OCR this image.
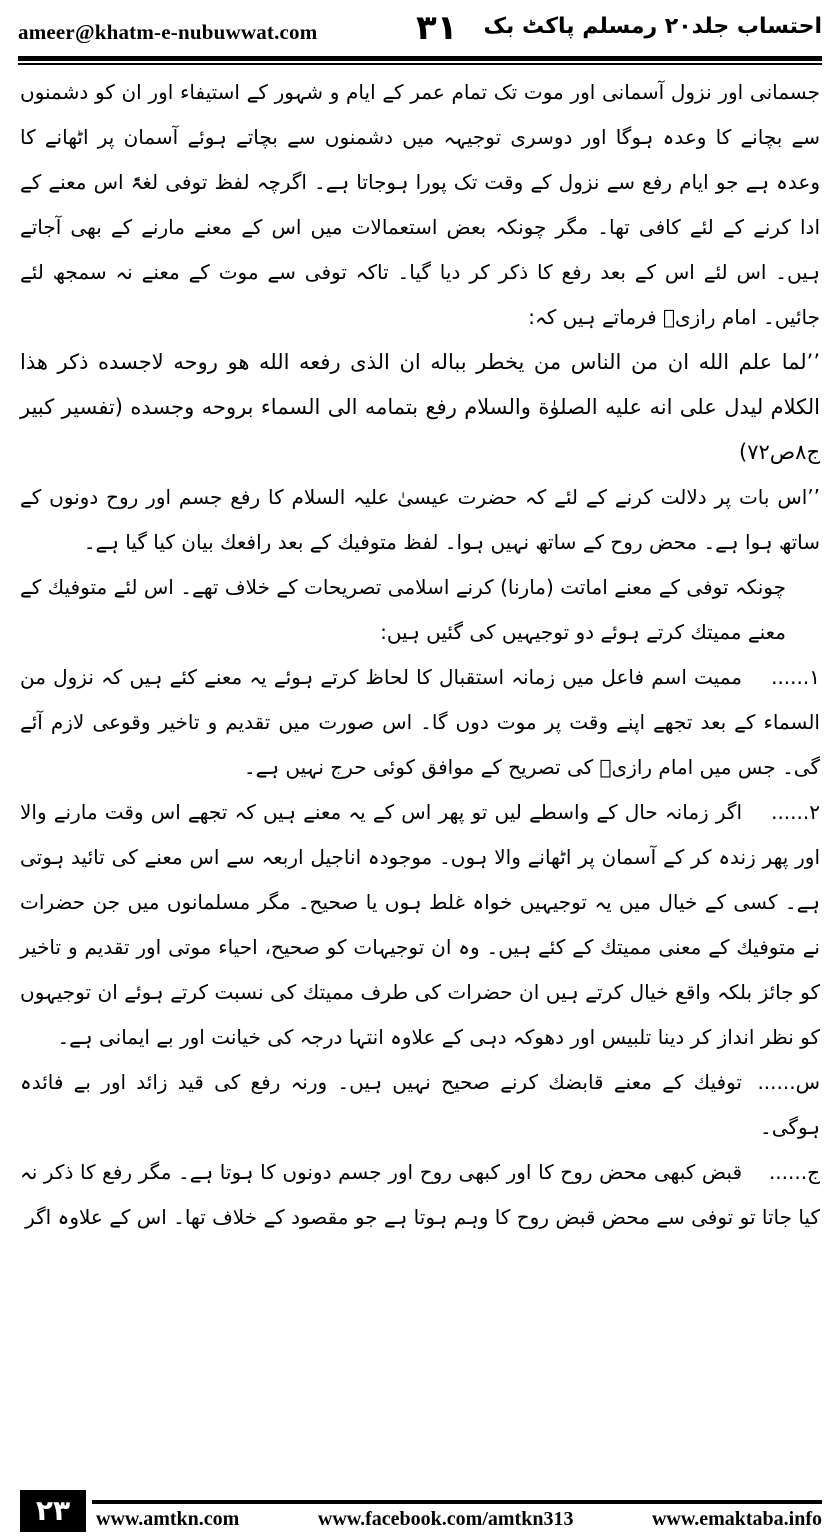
ameer@khatm-e-nubuwwat.com	۳۱ احتساب جلد۲۰ رمسلم پاکٹ بک

جسمانی اور نزول آسمانی اور موت تک تمام عمر کے ایام و شہور کے استیفاء اور ان کو دشمنوں سے بچانے کا وعدہ ہوگا اور دوسری توجیہہ میں دشمنوں سے بچاتے ہوئے آسمان پر اٹھانے کا وعدہ ہے جو ایام رفع سے نزول کے وقت تک پورا ہوجاتا ہے۔ اگرچہ لفظ توفی لغۃً اس معنے کے ادا کرنے کے لئے کافی تھا۔ مگر چونکہ بعض استعمالات میں اس کے معنے مارنے کے بھی آجاتے ہیں۔ اس لئے اس کے بعد رفع کا ذکر کر دیا گیا۔ تاکہ توفی سے موت کے معنے نہ سمجھ لئے جائیں۔ امام رازیؒ فرماتے ہیں کہ:

’’لما علم الله ان من الناس من يخطر بباله ان الذى رفعه الله هو روحه لاجسده ذكر هذا الكلام ليدل على انه عليه الصلوٰة والسلام رفع بتمامه الى السماء بروحه وجسده (تفسیر کبیر ج۸ص۷۲)

’’اس بات پر دلالت کرنے کے لئے کہ حضرت عیسیٰ علیہ السلام کا رفع جسم اور روح دونوں کے ساتھ ہوا ہے۔ محض روح کے ساتھ نہیں ہوا۔ لفظ متوفيك کے بعد رافعك بیان کیا گیا ہے۔

چونکہ توفی کے معنے اماتت (مارنا) کرنے اسلامی تصریحات کے خلاف تھے۔ اس لئے متوفیك کے معنے ممیتك کرتے ہوئے دو توجیہیں کی گئیں ہیں:

۱......ممیت اسم فاعل میں زمانہ استقبال کا لحاظ کرتے ہوئے یہ معنے کئے ہیں کہ نزول من السماء کے بعد تجھے اپنے وقت پر موت دوں گا۔ اس صورت میں تقدیم و تاخیر وقوعی لازم آئے گی۔ جس میں امام رازیؒ کی تصریح کے موافق کوئی حرج نہیں ہے۔

۲......اگر زمانہ حال کے واسطے لیں تو پھر اس کے یہ معنے ہیں کہ تجھے اس وقت مارنے والا اور پھر زندہ کر کے آسمان پر اٹھانے والا ہوں۔ موجودہ اناجیل اربعہ سے اس معنے کی تائید ہوتی ہے۔ کسی کے خیال میں یہ توجیہیں خواہ غلط ہوں یا صحیح۔ مگر مسلمانوں میں جن حضرات نے متوفیك کے معنی ممیتك کے کئے ہیں۔ وہ ان توجیہات کو صحیح، احیاء موتی اور تقدیم و تاخیر کو جائز بلکہ واقع خیال کرتے ہیں ان حضرات کی طرف ممیتك کی نسبت کرتے ہوئے ان توجیہوں کو نظر انداز کر دینا تلبیس اور دھوکہ دہی کے علاوہ انتہا درجہ کی خیانت اور بے ایمانی ہے۔

س......توفیك کے معنے قابضك کرنے صحیح نہیں ہیں۔ ورنہ رفع کی قید زائد اور بے فائدہ ہوگی۔

ج......قبض کبھی محض روح کا اور کبھی روح اور جسم دونوں کا ہوتا ہے۔ مگر رفع کا ذکر نہ کیا جاتا تو توفی سے محض قبض روح کا وہم ہوتا ہے جو مقصود کے خلاف تھا۔ اس کے علاوہ اگر

۲۳	www.amtkn.com	www.facebook.com/amtkn313	www.emaktaba.info
